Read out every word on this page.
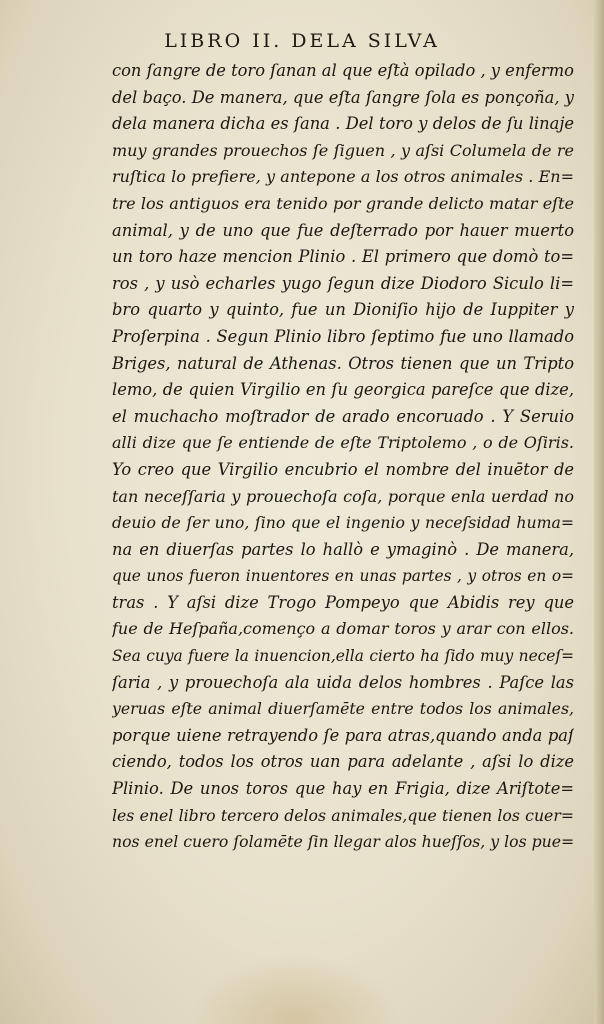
LIBRO II. DELA SILVA
con ſangre de toro ſanan al que eſtà opilado , y enfermo
del baço. De manera, que eſta ſangre ſola es ponçoña, y
dela manera dicha es ſana . Del toro y delos de ſu linaje
muy grandes prouechos ſe ſiguen , y aſsi Columela de re
ruſtica lo prefiere, y antepone a los otros animales . En=
tre los antiguos era tenido por grande delicto matar eſte
animal, y de uno que fue deſterrado por hauer muerto
un toro haze mencion Plinio . El primero que domò to=
ros , y usò echarles yugo ſegun dize Diodoro Siculo li=
bro quarto y quinto, fue un Dioniſio hijo de Iuppiter y
Proſerpina . Segun Plinio libro ſeptimo fue uno llamado
Briges, natural de Athenas. Otros tienen que un Tripto
lemo, de quien Virgilio en ſu georgica pareſce que dize,
el muchacho moſtrador de arado encoruado . Y Seruio
alli dize que ſe entiende de eſte Triptolemo , o de Oſiris.
Yo creo que Virgilio encubrio el nombre del inuētor de
tan neceſſaria y prouechoſa coſa, porque enla uerdad no
deuio de ſer uno, ſino que el ingenio y neceſsidad huma=
na en diuerſas partes lo hallò e ymaginò . De manera,
que unos fueron inuentores en unas partes , y otros en o=
tras . Y aſsi dize Trogo Pompeyo que Abidis rey que
fue de Heſpaña,començo a domar toros y arar con ellos.
Sea cuya fuere la inuencion,ella cierto ha ſido muy neceſ=
ſaria , y prouechoſa ala uida delos hombres . Paſce las
yeruas eſte animal diuerſamēte entre todos los animales,
porque uiene retrayendo ſe para atras,quando anda paſ
ciendo, todos los otros uan para adelante , aſsi lo dize
Plinio. De unos toros que hay en Frigia, dize Ariſtote=
les enel libro tercero delos animales,que tienen los cuer=
nos enel cuero ſolamēte ſin llegar alos hueſſos, y los pue=
